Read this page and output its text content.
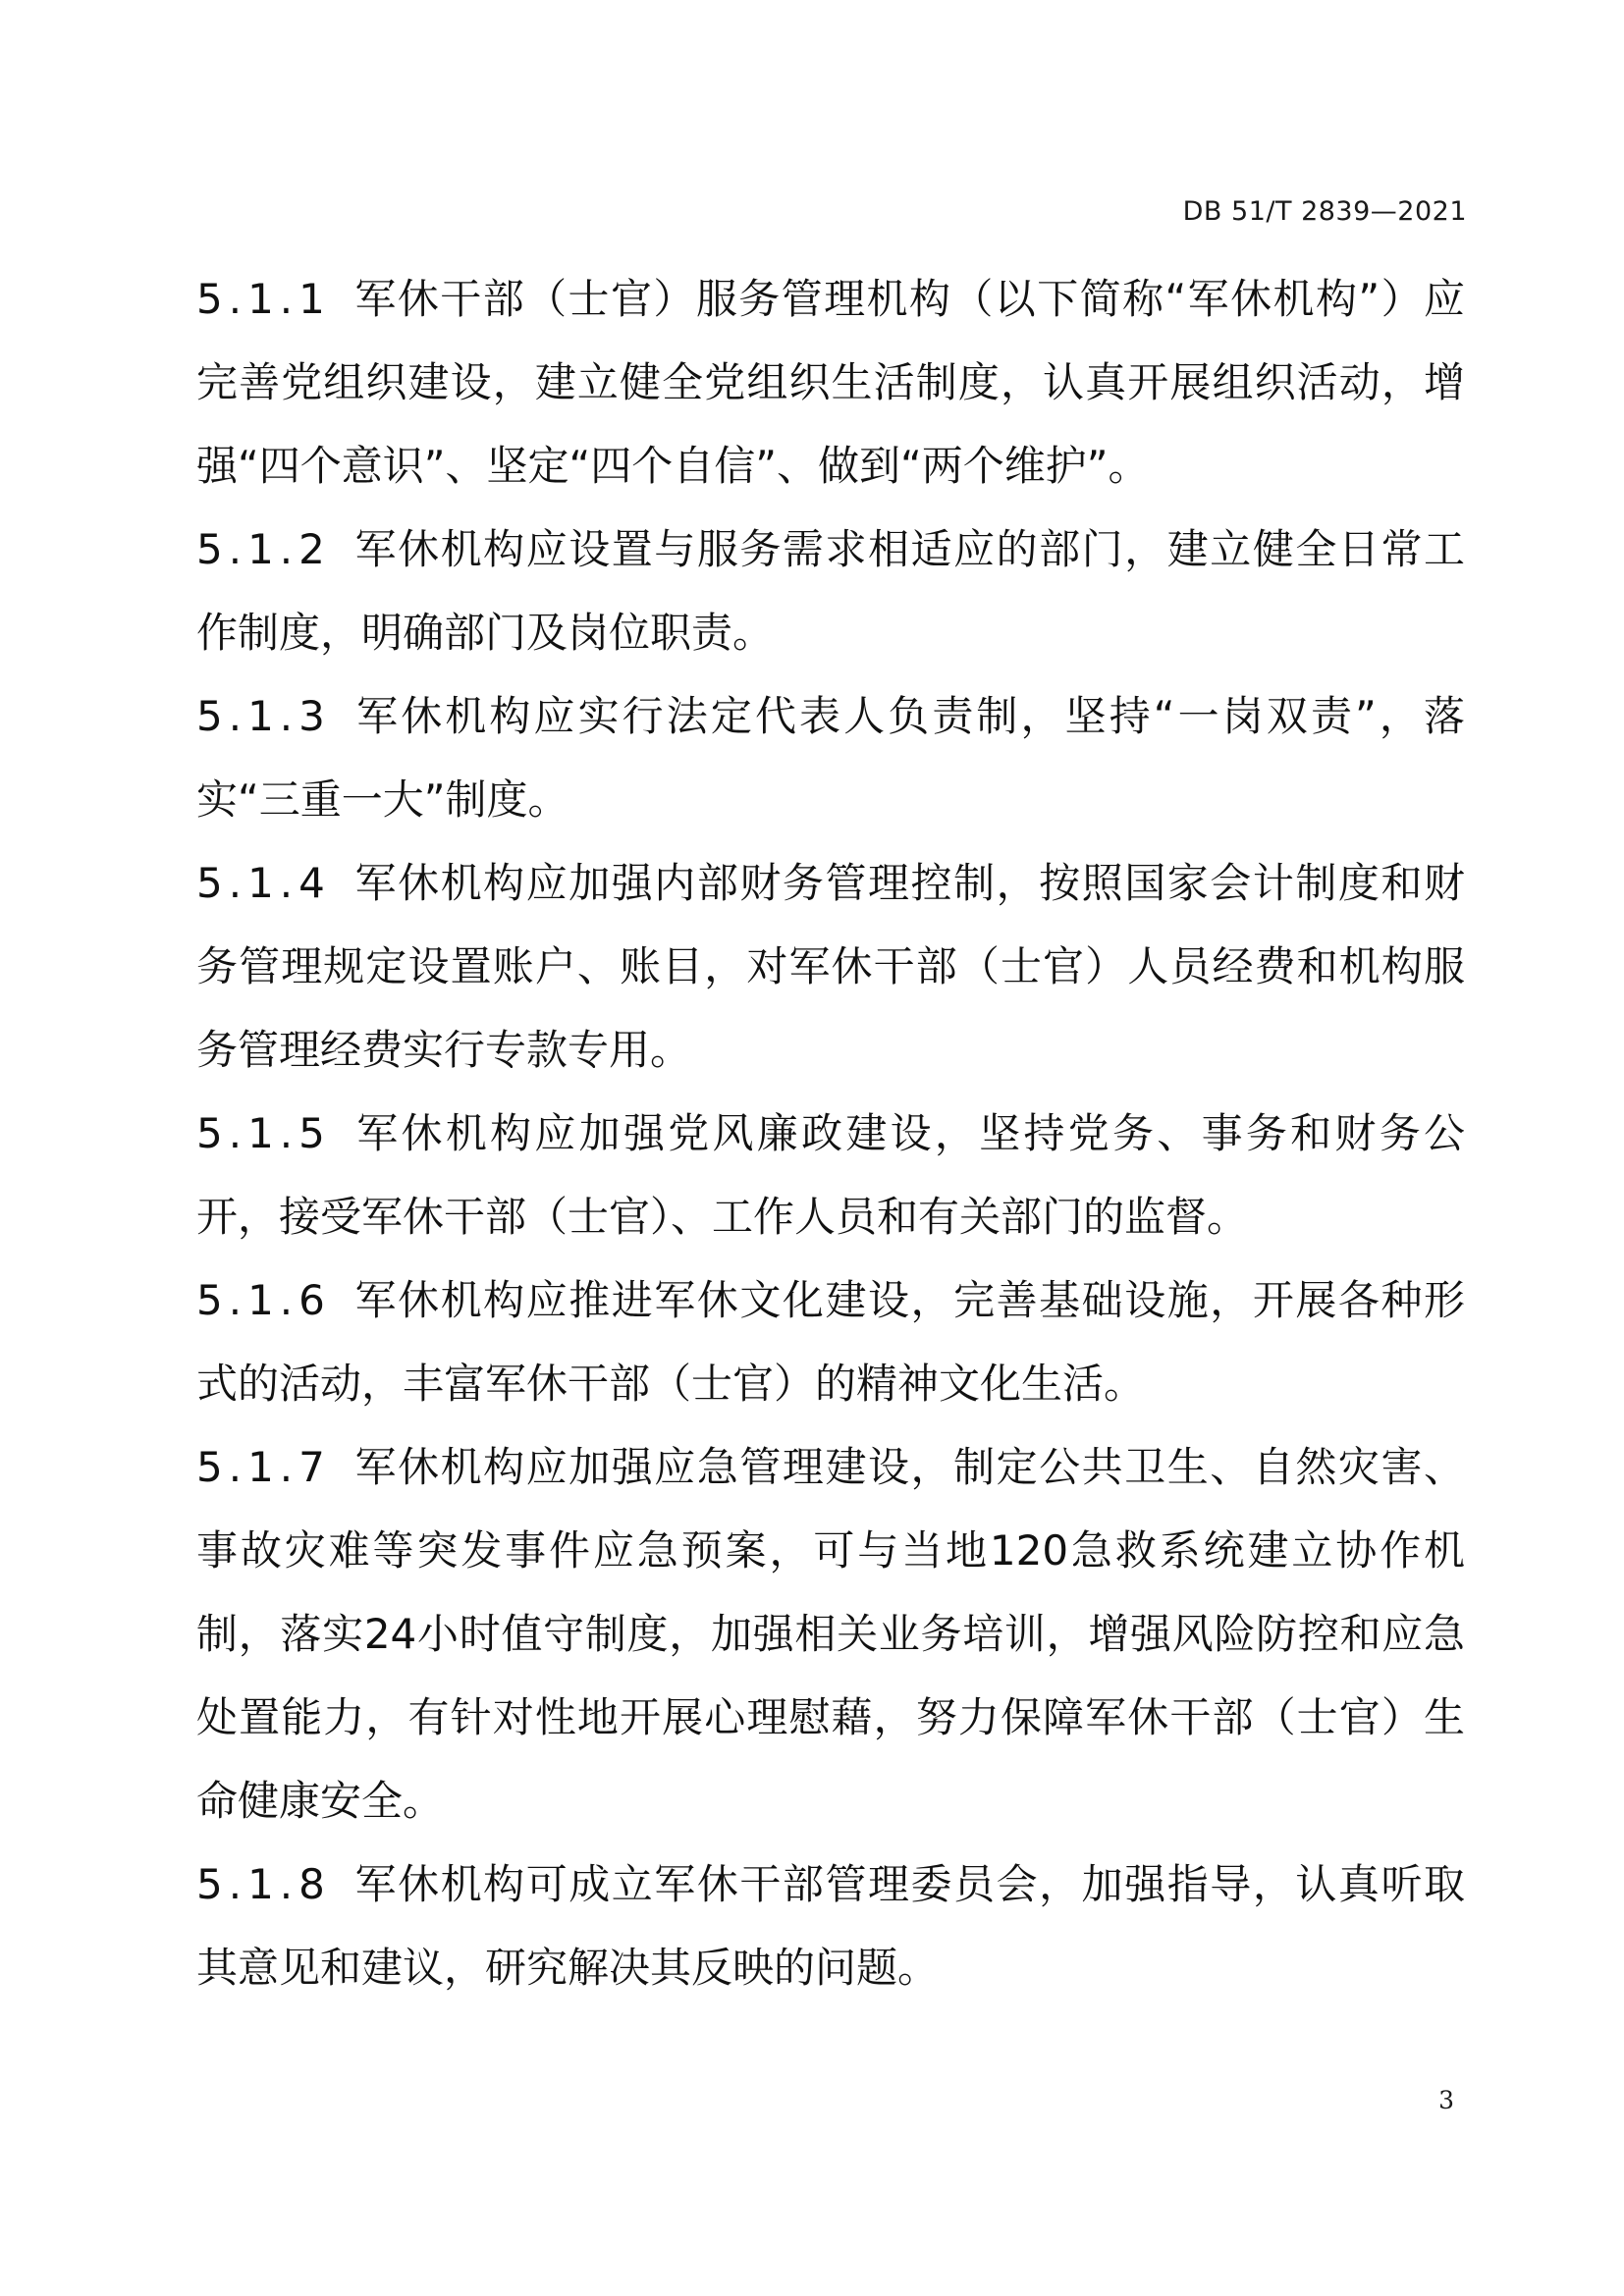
DB 51/T 2839—2021

5.1.1 军休干部（士官）服务管理机构（以下简称“军休机构”）应完善党组织建设，建立健全党组织生活制度，认真开展组织活动，增强“四个意识”、坚定“四个自信”、做到“两个维护”。

5.1.2 军休机构应设置与服务需求相适应的部门，建立健全日常工作制度，明确部门及岗位职责。

5.1.3 军休机构应实行法定代表人负责制，坚持“一岗双责”，落实“三重一大”制度。

5.1.4 军休机构应加强内部财务管理控制，按照国家会计制度和财务管理规定设置账户、账目，对军休干部（士官）人员经费和机构服务管理经费实行专款专用。

5.1.5 军休机构应加强党风廉政建设，坚持党务、事务和财务公开，接受军休干部（士官）、工作人员和有关部门的监督。

5.1.6 军休机构应推进军休文化建设，完善基础设施，开展各种形式的活动，丰富军休干部（士官）的精神文化生活。

5.1.7 军休机构应加强应急管理建设，制定公共卫生、自然灾害、事故灾难等突发事件应急预案，可与当地120急救系统建立协作机制，落实24小时值守制度，加强相关业务培训，增强风险防控和应急处置能力，有针对性地开展心理慰藉，努力保障军休干部（士官）生命健康安全。

5.1.8 军休机构可成立军休干部管理委员会，加强指导，认真听取其意见和建议，研究解决其反映的问题。

3
